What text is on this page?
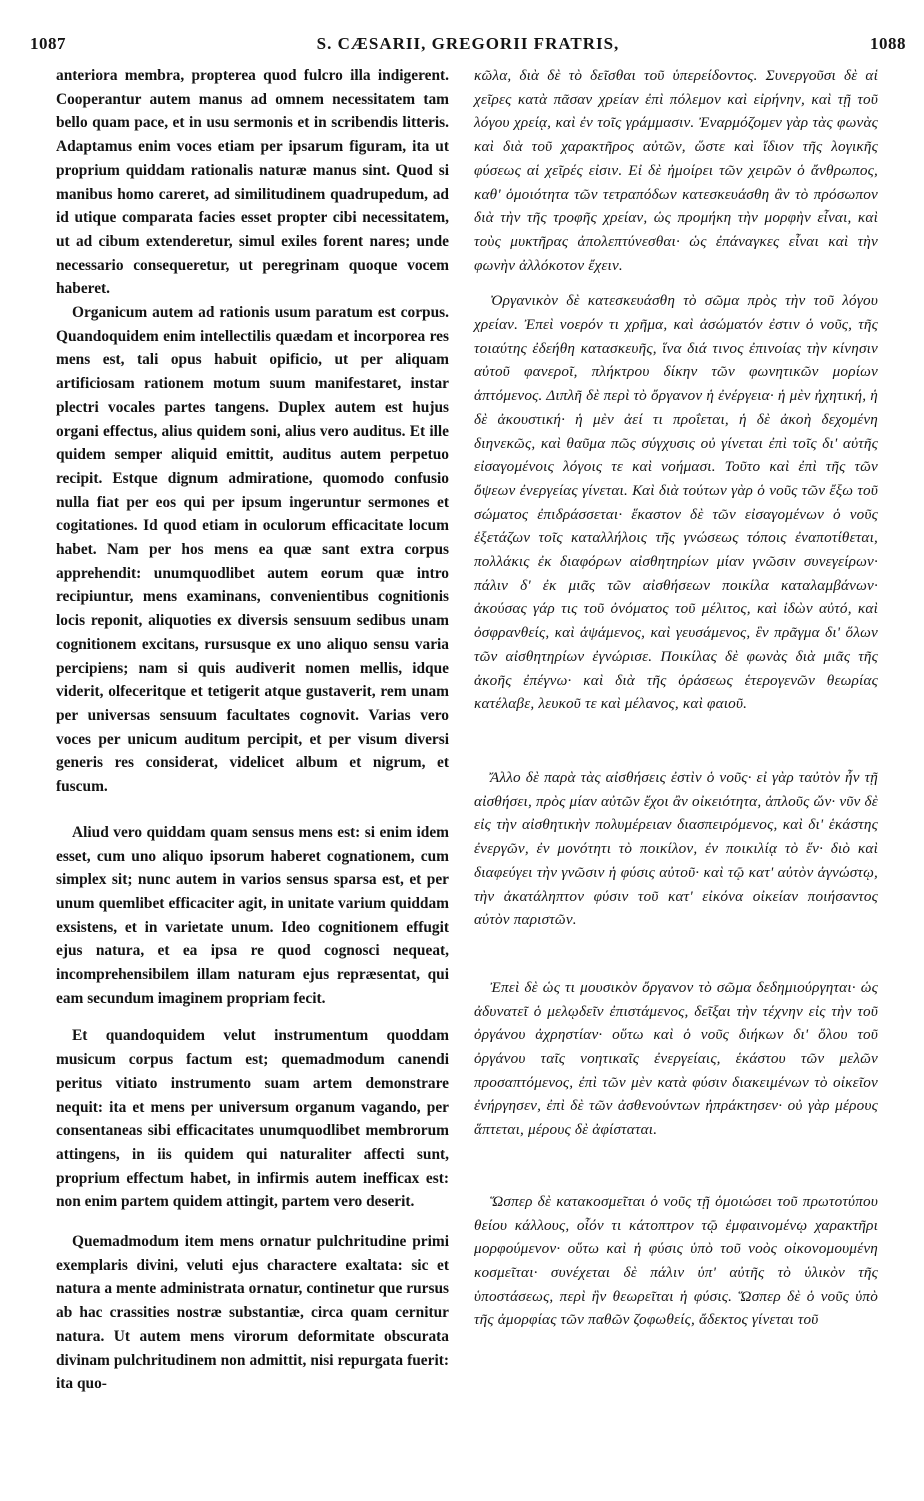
1087	S. CÆSARII, GREGORII FRATRIS,	1088

anteriora membra, propterea quod fulcro illa indigerent. Cooperantur autem manus ad omnem necessitatem tam bello quam pace, et in usu sermonis et in scribendis litteris. Adaptamus enim voces etiam per ipsarum figuram, ita ut proprium quiddam rationalis naturæ manus sint. Quod si manibus homo careret, ad similitudinem quadrupedum, ad id utique comparata facies esset propter cibi necessitatem, ut ad cibum extenderetur, simul exiles forent nares; unde necessario consequeretur, ut peregrinam quoque vocem haberet.

Organicum autem ad rationis usum paratum est corpus. Quandoquidem enim intellectilis quædam et incorporea res mens est, tali opus habuit opificio, ut per aliquam artificiosam rationem motum suum manifestaret, instar plectri vocales partes tangens. Duplex autem est hujus organi effectus, alius quidem soni, alius vero auditus. Et ille quidem semper aliquid emittit, auditus autem perpetuo recipit. Estque dignum admiratione, quomodo confusio nulla fiat per eos qui per ipsum ingeruntur sermones et cogitationes. Id quod etiam in oculorum efficacitate locum habet. Nam per hos mens ea quæ sant extra corpus apprehendit: unumquodlibet autem eorum quæ intro recipiuntur, mens examinans, convenientibus cognitionis locis reponit, aliquoties ex diversis sensuum sedibus unam cognitionem excitans, rursusque ex uno aliquo sensu varia percipiens; nam si quis audiverit nomen mellis, idque viderit, olfeceritque et tetigerit atque gustaverit, rem unam per universas sensuum facultates cognovit. Varias vero voces per unicum auditum percipit, et per visum diversi generis res considerat, videlicet album et nigrum, et fuscum.

Aliud vero quiddam quam sensus mens est: si enim idem esset, cum uno aliquo ipsorum haberet cognationem, cum simplex sit; nunc autem in varios sensus sparsa est, et per unum quemlibet efficaciter agit, in unitate varium quiddam exsistens, et in varietate unum. Ideo cognitionem effugit ejus natura, et ea ipsa re quod cognosci nequeat, incomprehensibilem illam naturam ejus repræsentat, qui eam secundum imaginem propriam fecit.

Et quandoquidem velut instrumentum quoddam musicum corpus factum est; quemadmodum canendi peritus vitiato instrumento suam artem demonstrare nequit: ita et mens per universum organum vagando, per consentaneas sibi efficacitates unumquodlibet membrorum attingens, in iis quidem qui naturaliter affecti sunt, proprium effectum habet, in infirmis autem inefficax est: non enim partem quidem attingit, partem vero deserit.

Quemadmodum item mens ornatur pulchritudine primi exemplaris divini, veluti ejus charactere exaltata: sic et natura a mente administrata ornatur, continetur que rursus ab hac crassities nostræ substantiæ, circa quam cernitur natura. Ut autem mens virorum deformitate obscurata divinam pulchritudinem non admittit, nisi repurgata fuerit: ita quo-

κῶλα, διὰ δὲ τὸ δεῖσθαι τοῦ ὑπερείδοντος. Συνεργοῦσι δὲ αἱ χεῖρες κατὰ πᾶσαν χρείαν ἐπὶ πόλεμον καὶ εἰρήνην, καὶ τῇ τοῦ λόγου χρείᾳ, καὶ ἐν τοῖς γράμμασιν. Ἐναρμόζομεν γὰρ τὰς φωνὰς καὶ διὰ τοῦ χαρακτῆρος αὐτῶν, ὥστε καὶ ἴδιον τῆς λογικῆς φύσεως αἱ χεῖρές εἰσιν. Εἰ δὲ ἠμοίρει τῶν χειρῶν ὁ ἄνθρωπος, καθ' ὁμοιότητα τῶν τετραπόδων κατεσκευάσθη ἂν τὸ πρόσωπον διὰ τὴν τῆς τροφῆς χρείαν, ὡς προμήκη τὴν μορφὴν εἶναι, καὶ τοὺς μυκτῆρας ἀπολεπτύνεσθαι· ὡς ἐπάναγκες εἶναι καὶ τὴν φωνὴν ἀλλόκοτον ἔχειν.

Ὀργανικὸν δὲ κατεσκευάσθη τὸ σῶμα πρὸς τὴν τοῦ λόγου χρείαν. Ἐπεὶ νοερόν τι χρῆμα, καὶ ἀσώματόν ἐστιν ὁ νοῦς, τῆς τοιαύτης ἐδεήθη κατασκευῆς, ἵνα διά τινος ἐπινοίας τὴν κίνησιν αὐτοῦ φανεροῖ, πλήκτρου δίκην τῶν φωνητικῶν μορίων ἁπτόμενος. Διπλῆ δὲ περὶ τὸ ὄργανον ἡ ἐνέργεια· ἡ μὲν ἠχητική, ἡ δὲ ἀκουστική· ἡ μὲν ἀεί τι προΐεται, ἡ δὲ ἀκοὴ δεχομένη διηνεκῶς, καὶ θαῦμα πῶς σύγχυσις οὐ γίνεται ἐπὶ τοῖς δι' αὐτῆς εἰσαγομένοις λόγοις τε καὶ νοήμασι. Τοῦτο καὶ ἐπὶ τῆς τῶν ὄψεων ἐνεργείας γίνεται. Καὶ διὰ τούτων γὰρ ὁ νοῦς τῶν ἔξω τοῦ σώματος ἐπιδράσσεται· ἕκαστον δὲ τῶν εἰσαγομένων ὁ νοῦς ἐξετάζων τοῖς καταλλήλοις τῆς γνώσεως τόποις ἐναποτίθεται, πολλάκις ἐκ διαφόρων αἰσθητηρίων μίαν γνῶσιν συνεγείρων· πάλιν δ' ἐκ μιᾶς τῶν αἰσθήσεων ποικίλα καταλαμβάνων· ἀκούσας γάρ τις τοῦ ὀνόματος τοῦ μέλιτος, καὶ ἰδὼν αὐτό, καὶ ὀσφρανθείς, καὶ ἁψάμενος, καὶ γευσάμενος, ἓν πρᾶγμα δι' ὅλων τῶν αἰσθητηρίων ἐγνώρισε. Ποικίλας δὲ φωνὰς διὰ μιᾶς τῆς ἀκοῆς ἐπέγνω· καὶ διὰ τῆς ὁράσεως ἑτερογενῶν θεωρίας κατέλαβε, λευκοῦ τε καὶ μέλανος, καὶ φαιοῦ.

Ἄλλο δὲ παρὰ τὰς αἰσθήσεις ἐστὶν ὁ νοῦς· εἰ γὰρ ταὐτὸν ἦν τῇ αἰσθήσει, πρὸς μίαν αὐτῶν ἔχοι ἂν οἰκειότητα, ἁπλοῦς ὤν· νῦν δὲ εἰς τὴν αἰσθητικὴν πολυμέρειαν διασπειρόμενος, καὶ δι' ἑκάστης ἐνεργῶν, ἐν μονότητι τὸ ποικίλον, ἐν ποικιλίᾳ τὸ ἕν· διὸ καὶ διαφεύγει τὴν γνῶσιν ἡ φύσις αὐτοῦ· καὶ τῷ κατ' αὐτὸν ἀγνώστῳ, τὴν ἀκατάληπτον φύσιν τοῦ κατ' εἰκόνα οἰκείαν ποιήσαντος αὐτὸν παριστῶν.

Ἐπεὶ δὲ ὡς τι μουσικὸν ὄργανον τὸ σῶμα δεδημιούργηται· ὡς ἀδυνατεῖ ὁ μελῳδεῖν ἐπιστάμενος, δεῖξαι τὴν τέχνην εἰς τὴν τοῦ ὀργάνου ἀχρηστίαν· οὕτω καὶ ὁ νοῦς διήκων δι' ὅλου τοῦ ὀργάνου ταῖς νοητικαῖς ἐνεργείαις, ἑκάστου τῶν μελῶν προσαπτόμενος, ἐπὶ τῶν μὲν κατὰ φύσιν διακειμένων τὸ οἰκεῖον ἐνήργησεν, ἐπὶ δὲ τῶν ἀσθενούντων ἠπράκτησεν· οὐ γὰρ μέρους ἅπτεται, μέρους δὲ ἀφίσταται.

Ὥσπερ δὲ κατακοσμεῖται ὁ νοῦς τῇ ὁμοιώσει τοῦ πρωτοτύπου θείου κάλλους, οἷόν τι κάτοπτρον τῷ ἐμφαινομένῳ χαρακτῆρι μορφούμενον· οὕτω καὶ ἡ φύσις ὑπὸ τοῦ νοὸς οἰκονομουμένη κοσμεῖται· συνέχεται δὲ πάλιν ὑπ' αὐτῆς τὸ ὑλικὸν τῆς ὑποστάσεως, περὶ ἣν θεωρεῖται ἡ φύσις. Ὥσπερ δὲ ὁ νοῦς ὑπὸ τῆς ἀμορφίας τῶν παθῶν ζοφωθείς, ἄδεκτος γίνεται τοῦ
